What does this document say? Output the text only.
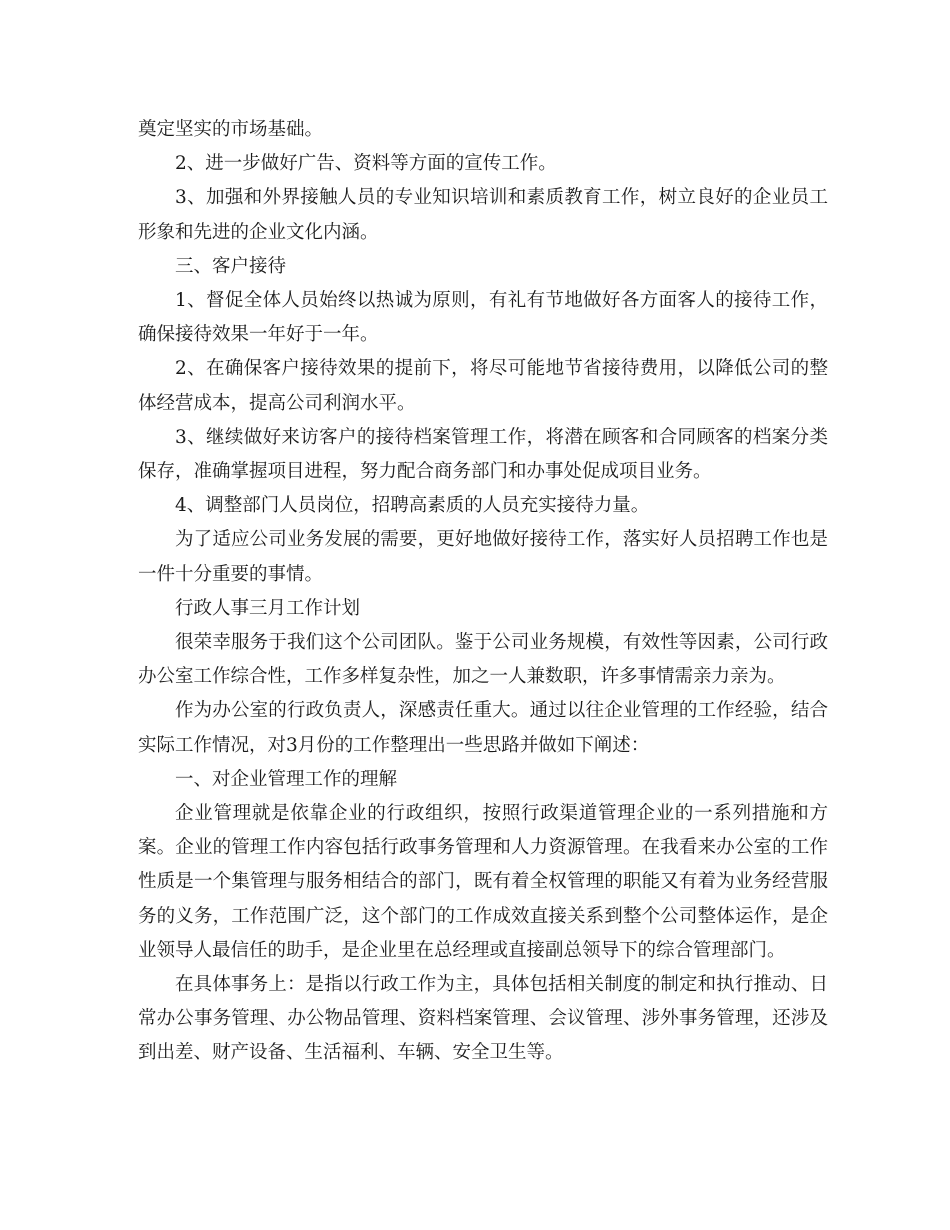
奠定坚实的市场基础。

2、进一步做好广告、资料等方面的宣传工作。

3、加强和外界接触人员的专业知识培训和素质教育工作，树立良好的企业员工形象和先进的企业文化内涵。

三、客户接待

1、督促全体人员始终以热诚为原则，有礼有节地做好各方面客人的接待工作，确保接待效果一年好于一年。

2、在确保客户接待效果的提前下，将尽可能地节省接待费用，以降低公司的整体经营成本，提高公司利润水平。

3、继续做好来访客户的接待档案管理工作，将潜在顾客和合同顾客的档案分类保存，准确掌握项目进程，努力配合商务部门和办事处促成项目业务。

4、调整部门人员岗位，招聘高素质的人员充实接待力量。

为了适应公司业务发展的需要，更好地做好接待工作，落实好人员招聘工作也是一件十分重要的事情。

行政人事三月工作计划

很荣幸服务于我们这个公司团队。鉴于公司业务规模，有效性等因素，公司行政办公室工作综合性，工作多样复杂性，加之一人兼数职，许多事情需亲力亲为。

作为办公室的行政负责人，深感责任重大。通过以往企业管理的工作经验，结合实际工作情况，对3月份的工作整理出一些思路并做如下阐述：

一、对企业管理工作的理解

企业管理就是依靠企业的行政组织，按照行政渠道管理企业的一系列措施和方案。企业的管理工作内容包括行政事务管理和人力资源管理。在我看来办公室的工作性质是一个集管理与服务相结合的部门，既有着全权管理的职能又有着为业务经营服务的义务，工作范围广泛，这个部门的工作成效直接关系到整个公司整体运作，是企业领导人最信任的助手，是企业里在总经理或直接副总领导下的综合管理部门。

在具体事务上：是指以行政工作为主，具体包括相关制度的制定和执行推动、日常办公事务管理、办公物品管理、资料档案管理、会议管理、涉外事务管理，还涉及到出差、财产设备、生活福利、车辆、安全卫生等。
